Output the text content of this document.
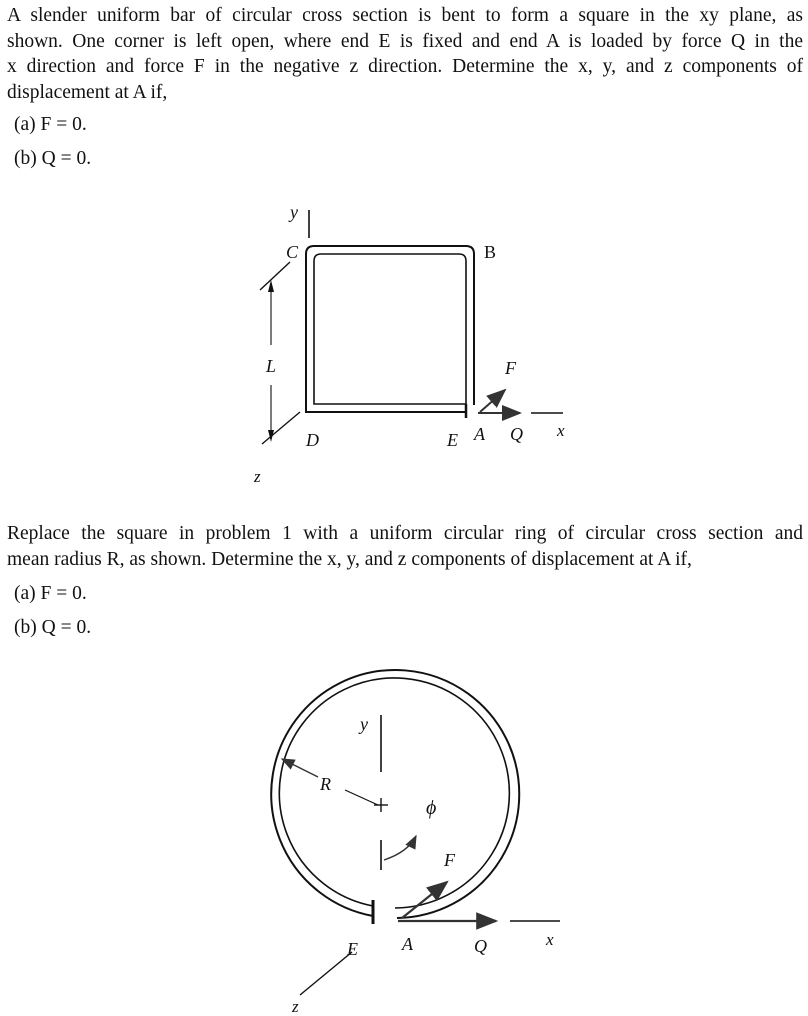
A slender uniform bar of circular cross section is bent to form a square in the xy plane, as
shown. One corner is left open, where end E is fixed and end A is loaded by force Q in the
x direction and force F in the negative z direction. Determine the x, y, and z components of
displacement at A if,

(a) F = 0.

(b) Q = 0.

Replace the square in problem 1 with a uniform circular ring of circular cross section and
mean radius R, as shown. Determine the x, y, and z components of displacement at A if,

(a) F = 0.

(b) Q = 0.

y
C	B
L	F
D	E A Q x
z
y
R
ϕ
F
E A	Q	x
z
